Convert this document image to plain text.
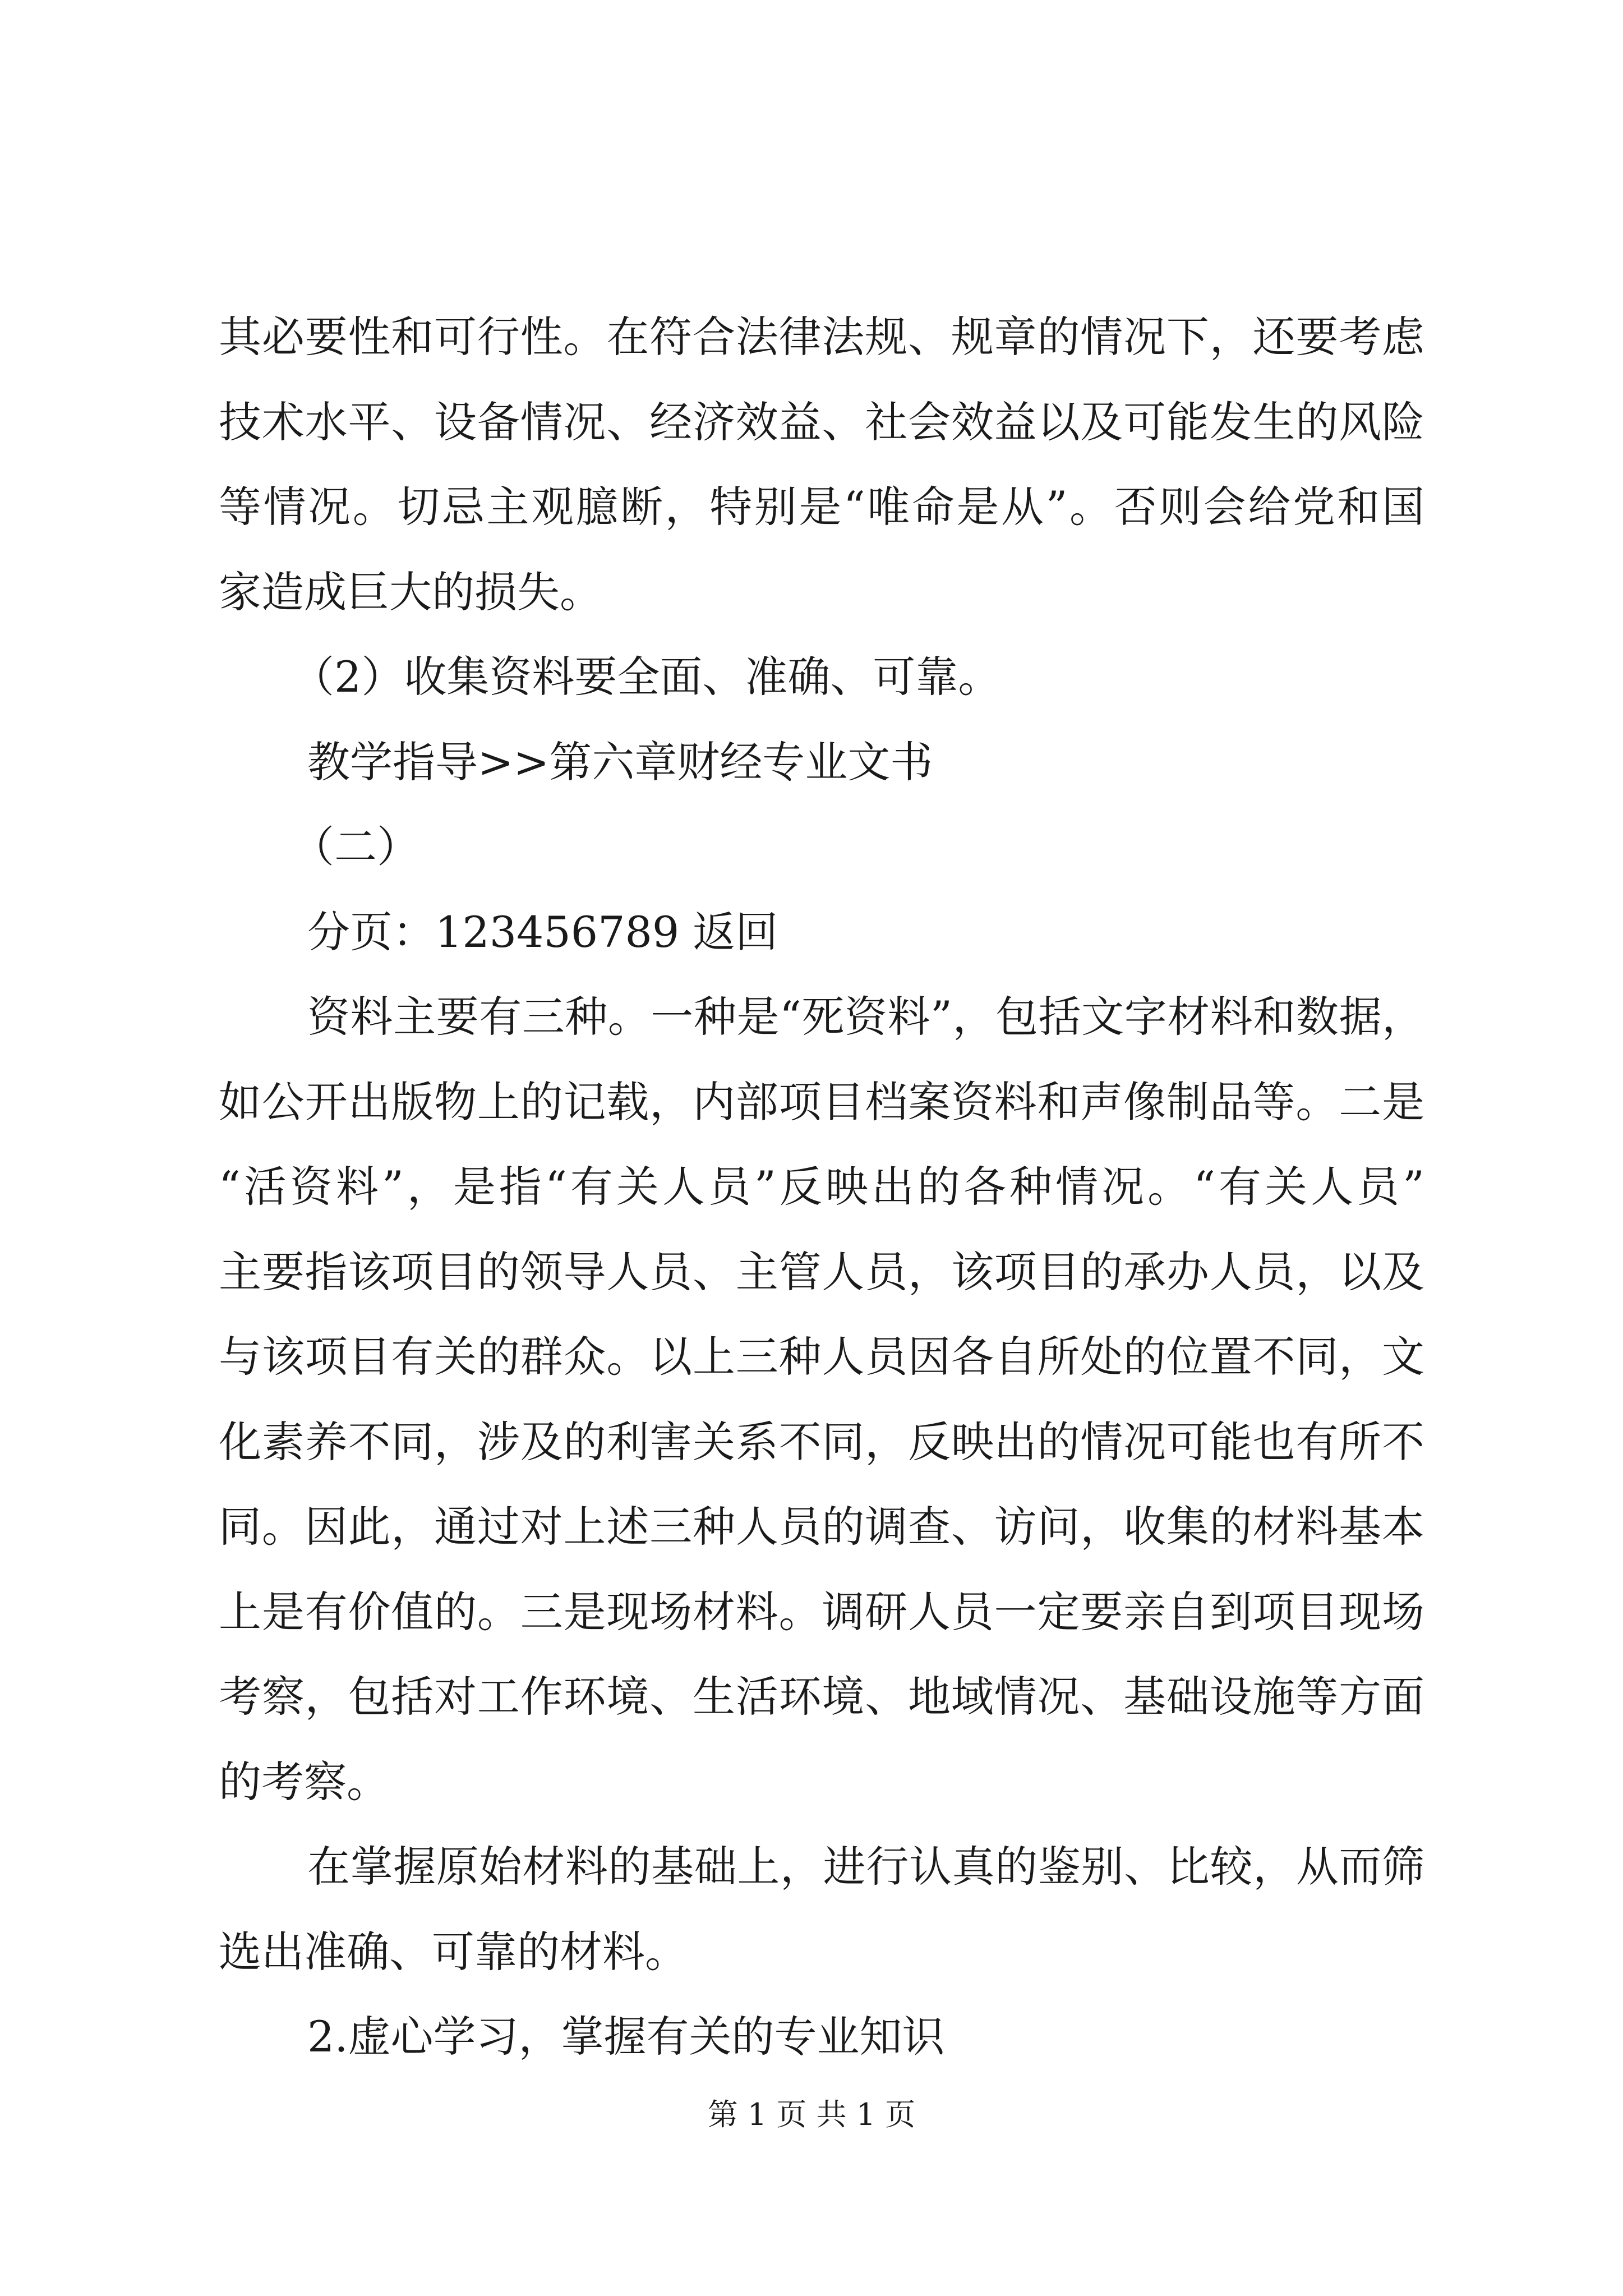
其必要性和可行性。在符合法律法规、规章的情况下，还要考虑
技术水平、设备情况、经济效益、社会效益以及可能发生的风险
等情况。切忌主观臆断，特别是“唯命是从”。否则会给党和国
家造成巨大的损失。
（2）收集资料要全面、准确、可靠。
教学指导>>第六章财经专业文书
（二）
分页：123456789 返回
资料主要有三种。一种是“死资料”，包括文字材料和数据，
如公开出版物上的记载，内部项目档案资料和声像制品等。二是
“活资料”，是指“有关人员”反映出的各种情况。“有关人员”
主要指该项目的领导人员、主管人员，该项目的承办人员，以及
与该项目有关的群众。以上三种人员因各自所处的位置不同，文
化素养不同，涉及的利害关系不同，反映出的情况可能也有所不
同。因此，通过对上述三种人员的调查、访问，收集的材料基本
上是有价值的。三是现场材料。调研人员一定要亲自到项目现场
考察，包括对工作环境、生活环境、地域情况、基础设施等方面
的考察。
在掌握原始材料的基础上，进行认真的鉴别、比较，从而筛
选出准确、可靠的材料。
2.虚心学习，掌握有关的专业知识
第 1 页 共 1 页
